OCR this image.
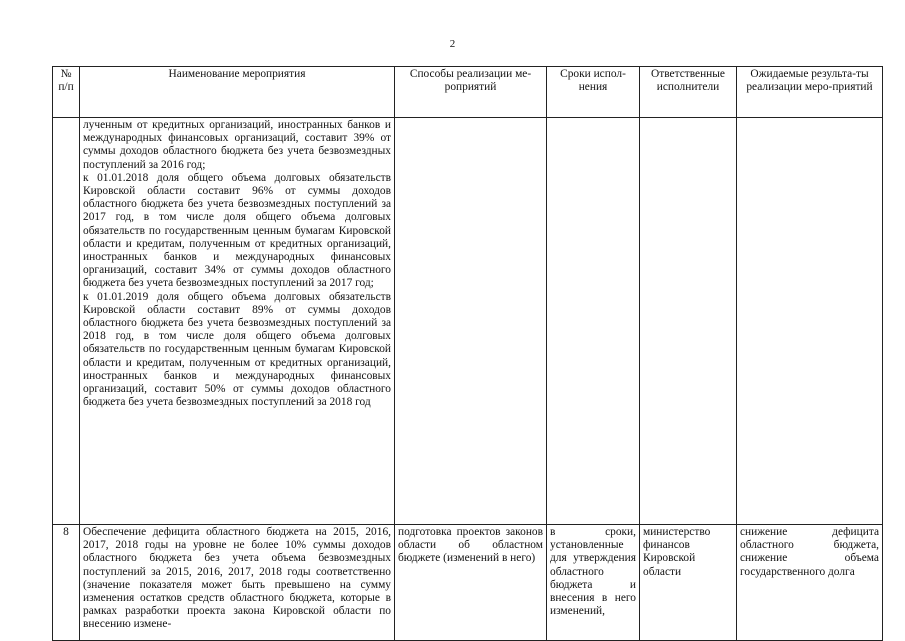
2
№ п/п	Наименование мероприятия	Способы реализации ме-роприятий	Сроки испол-нения	Ответственные исполнители	Ожидаемые результа-ты реализации меро-приятий

	лученным от кредитных организаций, иностранных банков и международных финансовых организаций, составит 39% от суммы доходов областного бюджета без учета безвозмездных поступлений за 2016 год;

к 01.01.2018 доля общего объема долговых обязательств Кировской области составит 96% от суммы доходов областного бюджета без учета безвозмездных поступлений за 2017 год, в том числе доля общего объема долговых обязательств по государственным ценным бумагам Кировской области и кредитам, полученным от кредитных организаций, иностранных банков и международных финансовых организаций, составит 34% от суммы доходов областного бюджета без учета безвозмездных поступлений за 2017 год;

к 01.01.2019 доля общего объема долговых обязательств Кировской области составит 89% от суммы доходов областного бюджета без учета безвозмездных поступлений за 2018 год, в том числе доля общего объема долговых обязательств по государственным ценным бумагам Кировской области и кредитам, полученным от кредитных организаций, иностранных банков и международных финансовых организаций, составит 50% от суммы доходов областного бюджета без учета безвозмездных поступлений за 2018 год				

8	Обеспечение дефицита областного бюджета на 2015, 2016, 2017, 2018 годы на уровне не более 10% суммы доходов областного бюджета без учета объема безвозмездных поступлений за 2015, 2016, 2017, 2018 годы соответственно (значение показателя может быть превышено на сумму изменения остатков средств областного бюджета, которые в рамках разработки проекта закона Кировской области по внесению измене-	подготовка проектов законов области об областном бюджете (изменений в него)	в сроки, установленные для утверждения областного бюджета и внесения в него изменений,	министерство финансов Кировской области	снижение дефицита областного бюджета, снижение объема государственного долга
